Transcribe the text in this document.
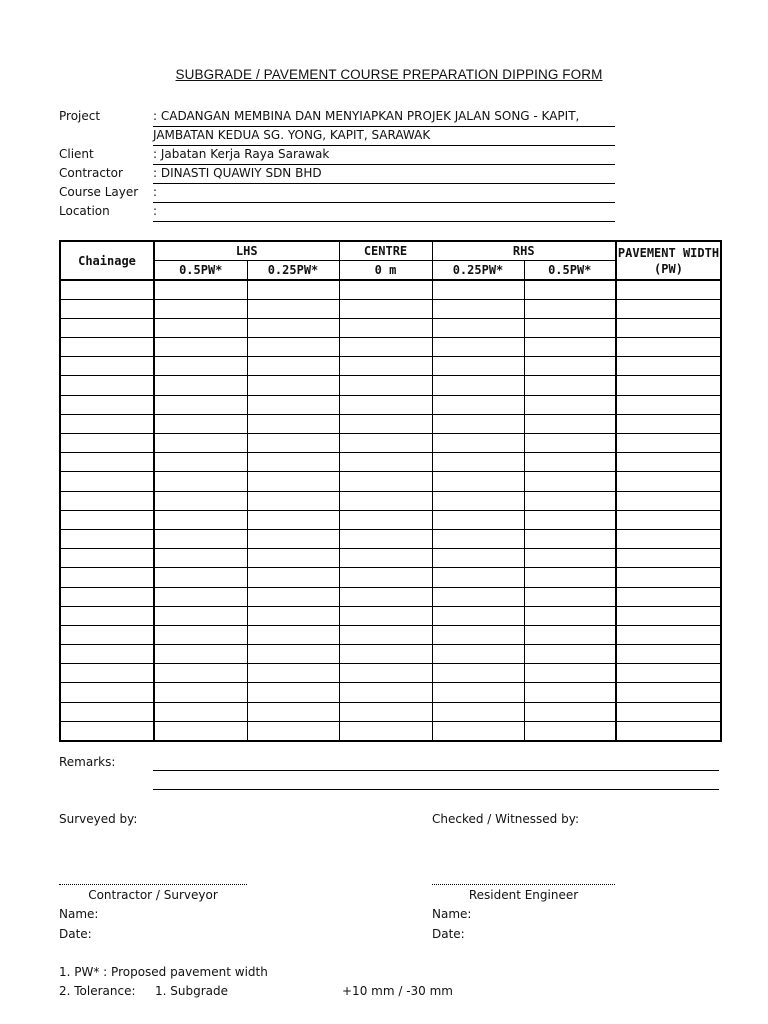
SUBGRADE / PAVEMENT COURSE PREPARATION DIPPING FORM
Project	: CADANGAN MEMBINA DAN MENYIAPKAN PROJEK JALAN SONG - KAPIT,
JAMBATAN KEDUA SG. YONG, KAPIT, SARAWAK
Client	: Jabatan Kerja Raya Sarawak
Contractor	: DINASTI QUAWIY SDN BHD
Course Layer :
Location	:
Chainage	LHS		CENTRE	RHS		PAVEMENT WIDTH (PW)
	0.5PW*	0.25PW*	0 m	0.25PW*	0.5PW*	

Remarks:
Surveyed by:	Checked / Witnessed by:
Contractor / Surveyor	Resident Engineer
Name:	Name:
Date:	Date:
1. PW* : Proposed pavement width
2. Tolerance: 1. Subgrade	+10 mm / -30 mm
